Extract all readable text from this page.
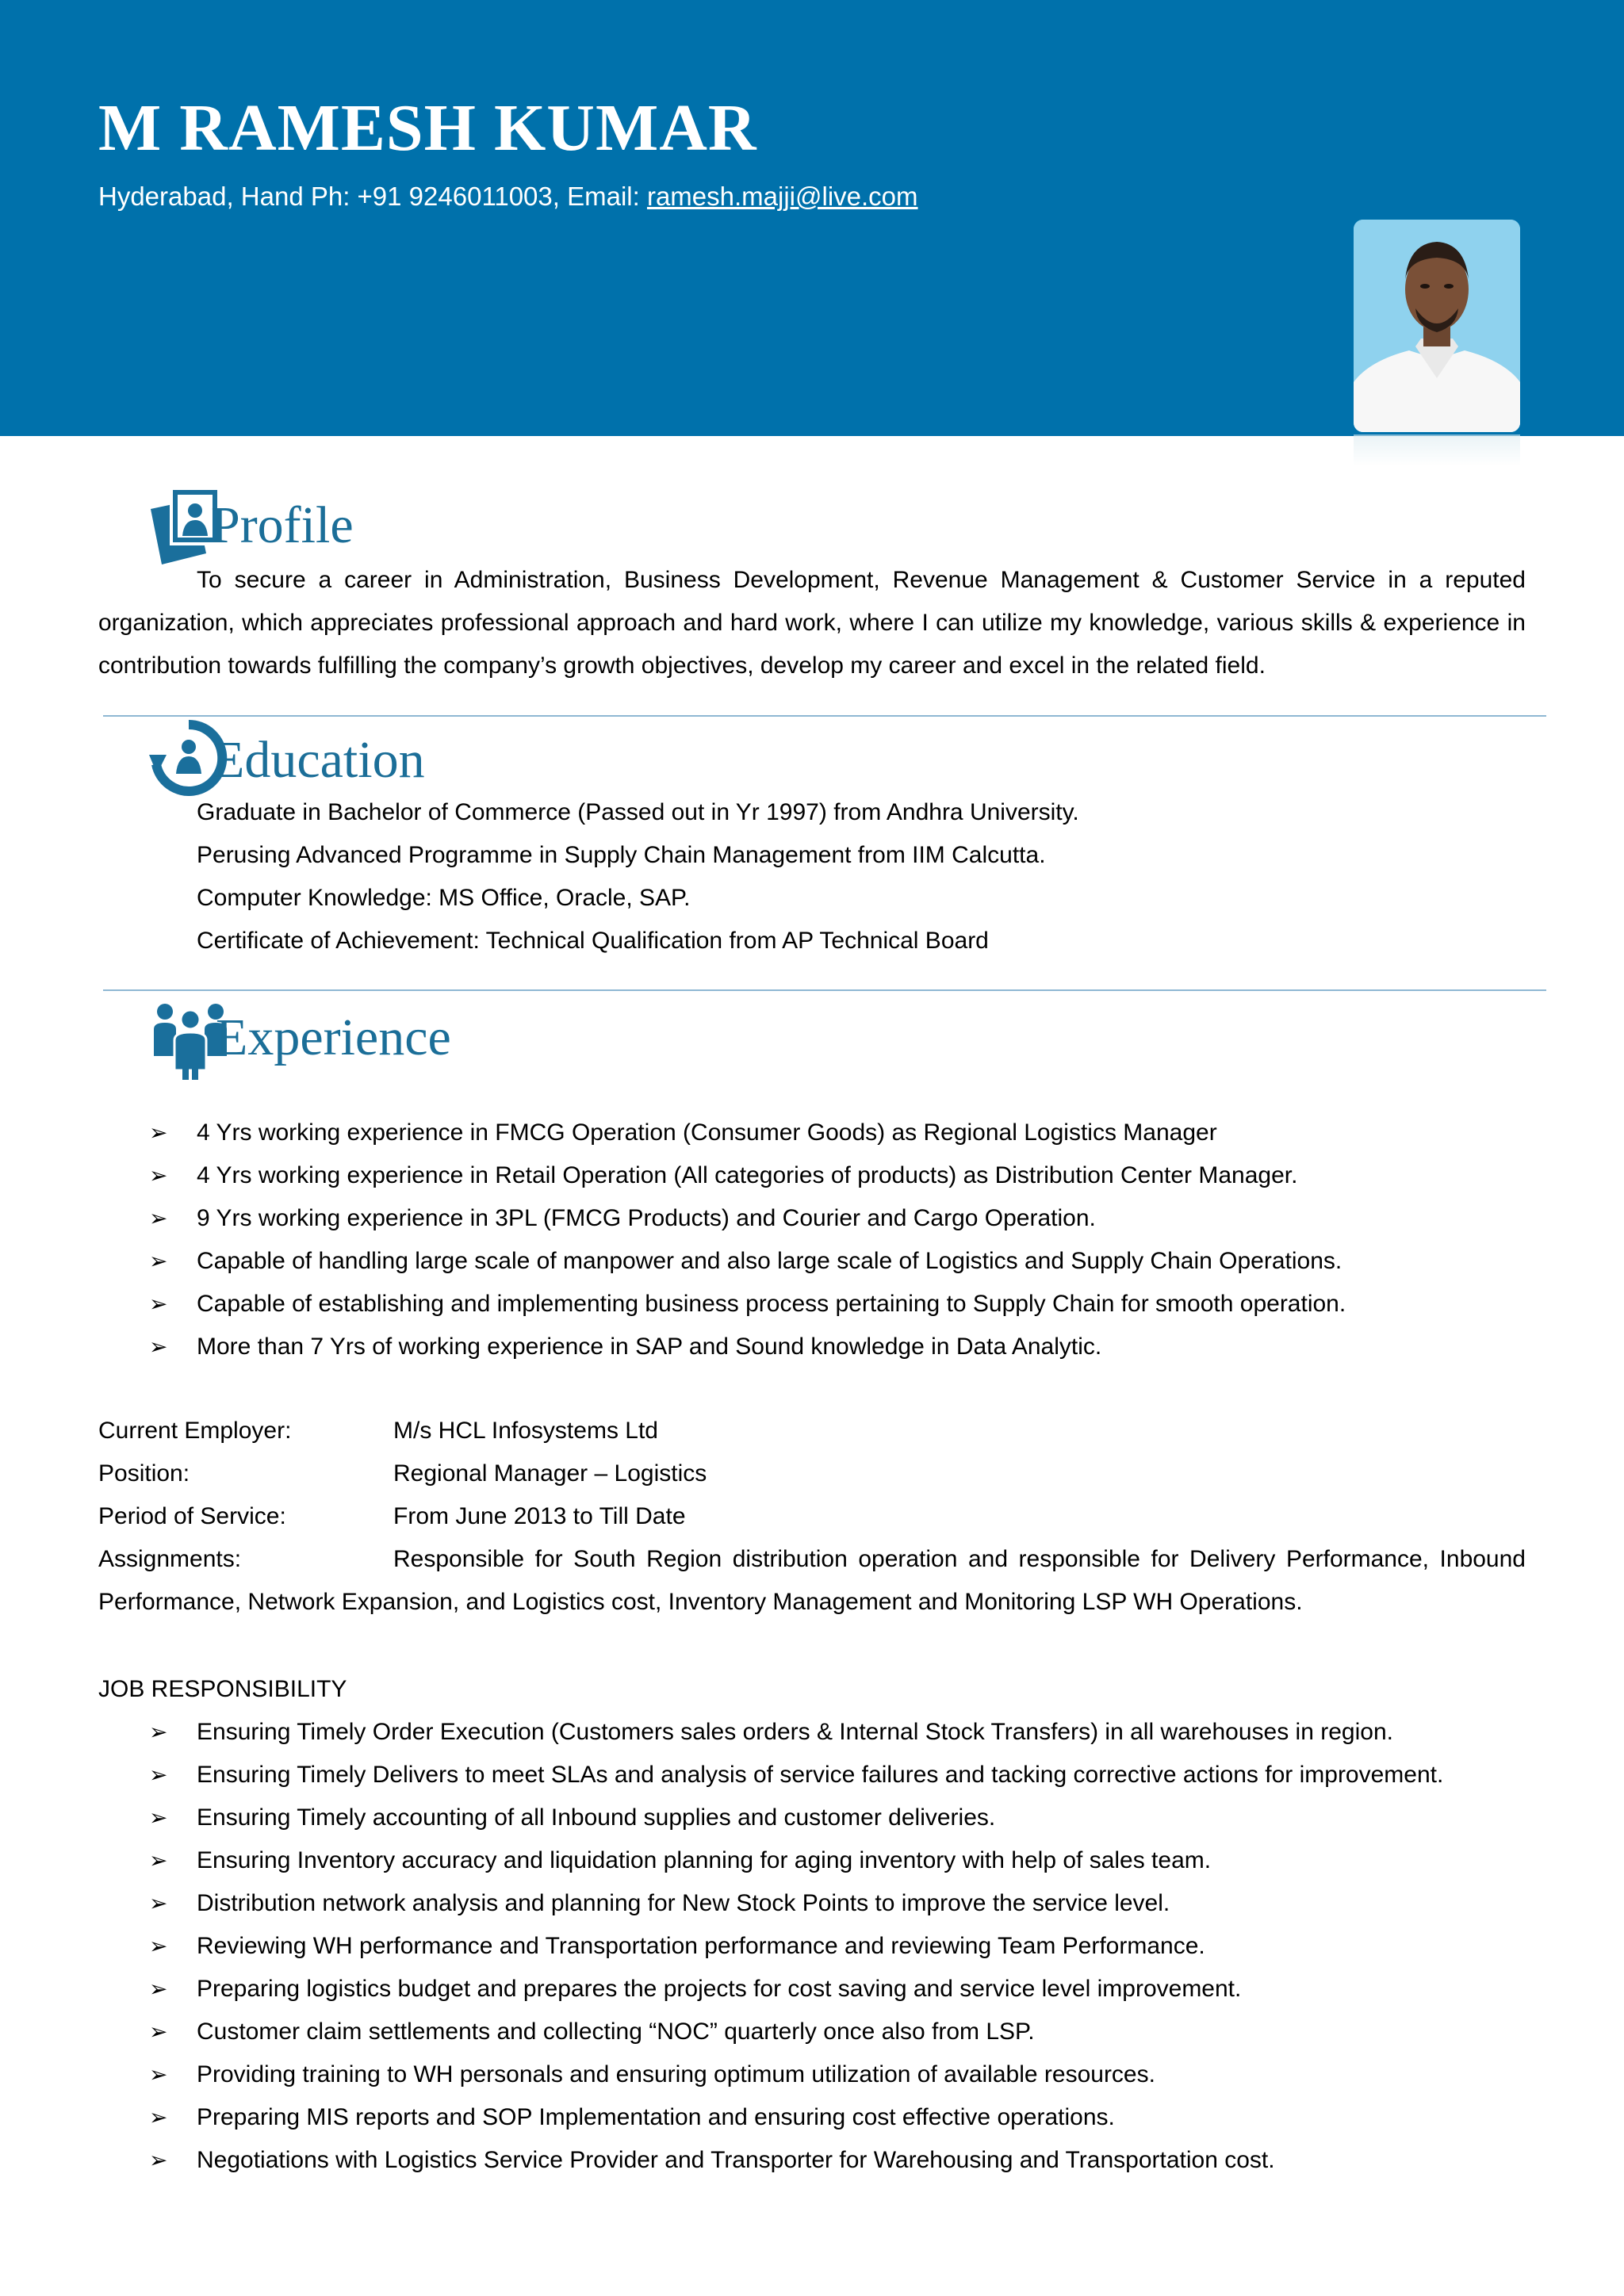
M RAMESH KUMAR
Hyderabad, Hand Ph: +91 9246011003, Email: ramesh.majji@live.com
Profile
To secure a career in Administration, Business Development, Revenue Management & Customer Service in a reputed organization, which appreciates professional approach and hard work, where I can utilize my knowledge, various skills & experience in contribution towards fulfilling the company’s growth objectives, develop my career and excel in the related field.
Education
Graduate in Bachelor of Commerce (Passed out in Yr 1997) from Andhra University.
Perusing Advanced Programme in Supply Chain Management from IIM Calcutta.
Computer Knowledge: MS Office, Oracle, SAP.
Certificate of Achievement: Technical Qualification from AP Technical Board
Experience
➢ 4 Yrs working experience in FMCG Operation (Consumer Goods) as Regional Logistics Manager
➢ 4 Yrs working experience in Retail Operation (All categories of products) as Distribution Center Manager.
➢ 9 Yrs working experience in 3PL (FMCG Products) and Courier and Cargo Operation.
➢ Capable of handling large scale of manpower and also large scale of Logistics and Supply Chain Operations.
➢ Capable of establishing and implementing business process pertaining to Supply Chain for smooth operation.
➢ More than 7 Yrs of working experience in SAP and Sound knowledge in Data Analytic.
Current Employer:	M/s HCL Infosystems Ltd
Position:	Regional Manager – Logistics
Period of Service:	From June 2013 to Till Date
Assignments:	Responsible for South Region distribution operation and responsible for Delivery Performance, Inbound Performance, Network Expansion, and Logistics cost, Inventory Management and Monitoring LSP WH Operations.
JOB RESPONSIBILITY
➢ Ensuring Timely Order Execution (Customers sales orders & Internal Stock Transfers) in all warehouses in region.
➢ Ensuring Timely Delivers to meet SLAs and analysis of service failures and tacking corrective actions for improvement.
➢ Ensuring Timely accounting of all Inbound supplies and customer deliveries.
➢ Ensuring Inventory accuracy and liquidation planning for aging inventory with help of sales team.
➢ Distribution network analysis and planning for New Stock Points to improve the service level.
➢ Reviewing WH performance and Transportation performance and reviewing Team Performance.
➢ Preparing logistics budget and prepares the projects for cost saving and service level improvement.
➢ Customer claim settlements and collecting “NOC” quarterly once also from LSP.
➢ Providing training to WH personals and ensuring optimum utilization of available resources.
➢ Preparing MIS reports and SOP Implementation and ensuring cost effective operations.
➢ Negotiations with Logistics Service Provider and Transporter for Warehousing and Transportation cost.
